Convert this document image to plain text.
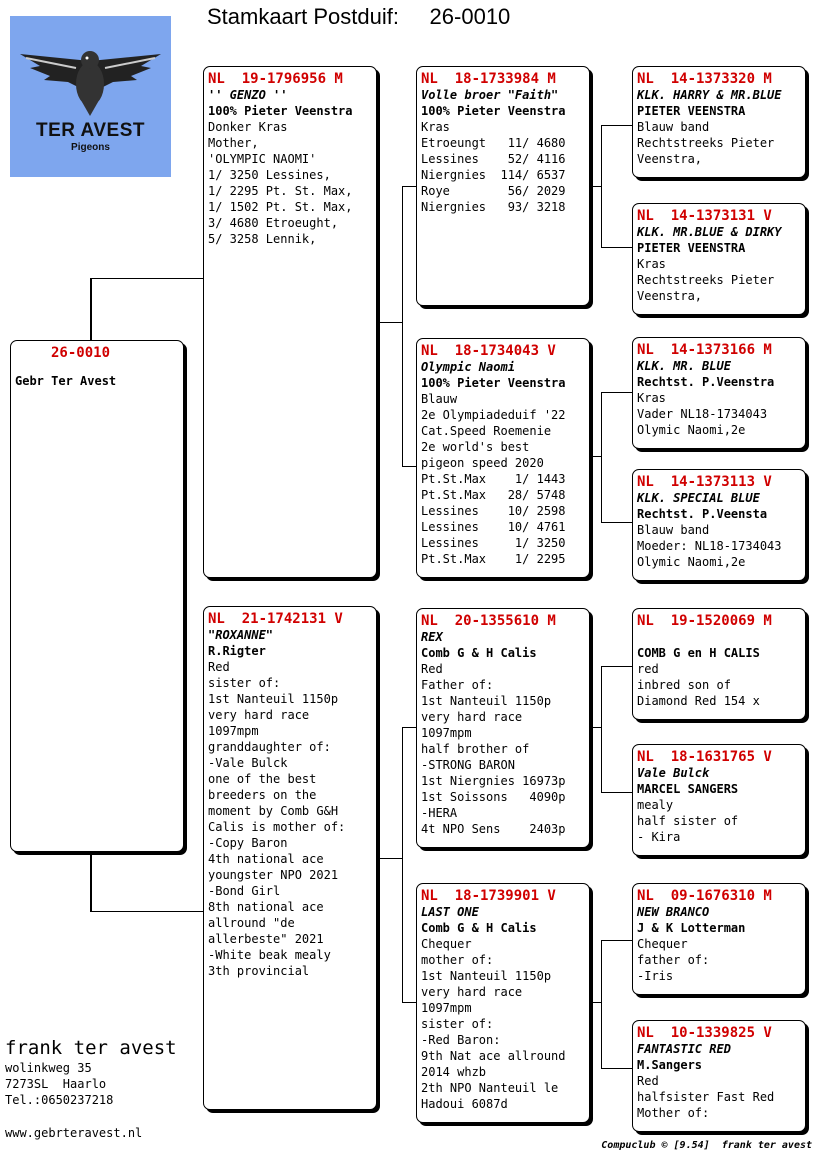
Stamkaart Postduif: 26-0010
TER AVEST
Pigeons
26-0010
Gebr Ter Avest
NL  19-1796956 M
'' GENZO ''
100% Pieter Veenstra
Donker Kras
Mother,
'OLYMPIC NAOMI'
1/ 3250 Lessines,
1/ 2295 Pt. St. Max,
1/ 1502 Pt. St. Max,
3/ 4680 Etroeught,
5/ 3258 Lennik,
NL  21-1742131 V
"ROXANNE"
R.Rigter
Red
sister of:
1st Nanteuil 1150p
very hard race
1097mpm
granddaughter of:
-Vale Bulck
one of the best
breeders on the
moment by Comb G&H
Calis is mother of:
-Copy Baron
4th national ace
youngster NPO 2021
-Bond Girl
8th national ace
allround "de
allerbeste" 2021
-White beak mealy
3th provincial
NL  18-1733984 M
Volle broer "Faith"
100% Pieter Veenstra
Kras
Etroeungt   11/ 4680
Lessines    52/ 4116
Niergnies  114/ 6537
Roye        56/ 2029
Niergnies   93/ 3218
NL  18-1734043 V
Olympic Naomi
100% Pieter Veenstra
Blauw
2e Olympiadeduif '22
Cat.Speed Roemenie
2e world's best
pigeon speed 2020
Pt.St.Max    1/ 1443
Pt.St.Max   28/ 5748
Lessines    10/ 2598
Lessines    10/ 4761
Lessines     1/ 3250
Pt.St.Max    1/ 2295
NL  20-1355610 M
REX
Comb G & H Calis
Red
Father of:
1st Nanteuil 1150p
very hard race
1097mpm
half brother of
-STRONG BARON
1st Niergnies 16973p
1st Soissons   4090p
-HERA
4t NPO Sens    2403p
NL  18-1739901 V
LAST ONE
Comb G & H Calis
Chequer
mother of:
1st Nanteuil 1150p
very hard race
1097mpm
sister of:
-Red Baron:
9th Nat ace allround
2014 whzb
2th NPO Nanteuil le
Hadoui 6087d
NL  14-1373320 M
KLK. HARRY & MR.BLUE
PIETER VEENSTRA
Blauw band
Rechtstreeks Pieter
Veenstra,
NL  14-1373131 V
KLK. MR.BLUE & DIRKY
PIETER VEENSTRA
Kras
Rechtstreeks Pieter
Veenstra,
NL  14-1373166 M
KLK. MR. BLUE
Rechtst. P.Veenstra
Kras
Vader NL18-1734043
Olymic Naomi,2e
NL  14-1373113 V
KLK. SPECIAL BLUE
Rechtst. P.Veensta
Blauw band
Moeder: NL18-1734043
Olymic Naomi,2e
NL  19-1520069 M
COMB G en H CALIS
red
inbred son of
Diamond Red 154 x
NL  18-1631765 V
Vale Bulck
MARCEL SANGERS
mealy
half sister of
- Kira
NL  09-1676310 M
NEW BRANCO
J & K Lotterman
Chequer
father of:
-Iris
NL  10-1339825 V
FANTASTIC RED
M.Sangers
Red
halfsister Fast Red
Mother of:
frank ter avest
wolinkweg 35
7273SL  Haarlo
Tel.:0650237218
www.gebrteravest.nl
Compuclub © [9.54]  frank ter avest
